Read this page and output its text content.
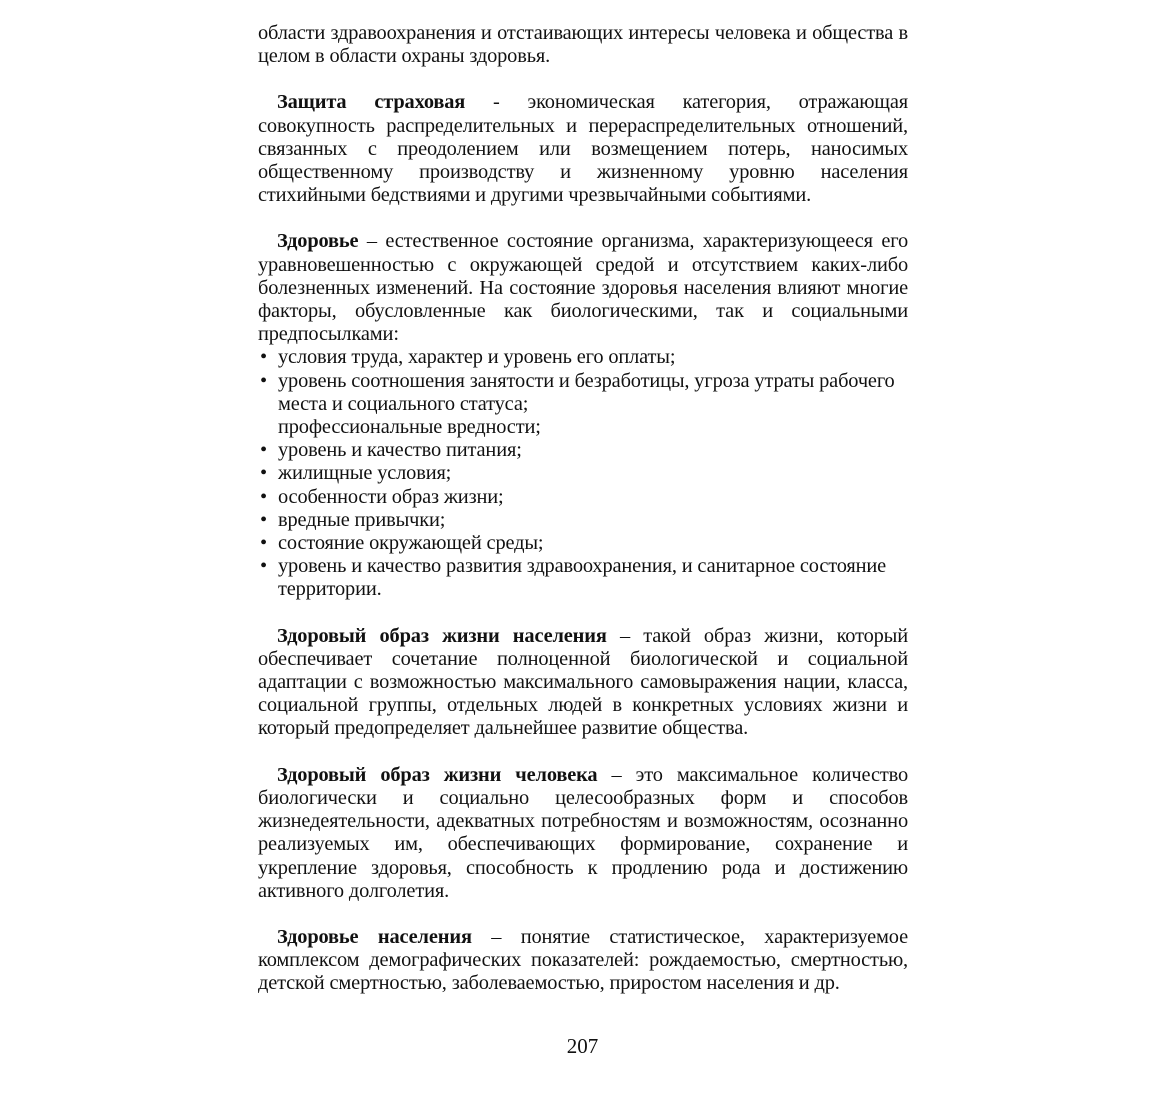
области здравоохранения и отстаивающих интересы человека и общества в целом в области охраны здоровья.

Защита страховая - экономическая категория, отражающая совокупность распределительных и перераспределительных отношений, связанных с преодолением или возмещением потерь, наносимых общественному производству и жизненному уровню населения стихийными бедствиями и другими чрезвычайными событиями.

Здоровье – естественное состояние организма, характеризующееся его уравновешенностью с окружающей средой и отсутствием каких-либо болезненных изменений. На состояние здоровья населения влияют многие факторы, обусловленные как биологическими, так и социальными предпосылками:

• условия труда, характер и уровень его оплаты;
• уровень соотношения занятости и безработицы, угроза утраты рабочего места и социального статуса;
профессиональные вредности;
• уровень и качество питания;
• жилищные условия;
• особенности образ жизни;
• вредные привычки;
• состояние окружающей среды;
• уровень и качество развития здравоохранения, и санитарное состояние территории.

Здоровый образ жизни населения – такой образ жизни, который обеспечивает сочетание полноценной биологической и социальной адаптации с возможностью максимального самовыражения нации, класса, социальной группы, отдельных людей в конкретных условиях жизни и который предопределяет дальнейшее развитие общества.

Здоровый образ жизни человека – это максимальное количество биологически и социально целесообразных форм и способов жизнедеятельности, адекватных потребностям и возможностям, осознанно реализуемых им, обеспечивающих формирование, сохранение и укрепление здоровья, способность к продлению рода и достижению активного долголетия.

Здоровье населения – понятие статистическое, характеризуемое комплексом демографических показателей: рождаемостью, смертностью, детской смертностью, заболеваемостью, приростом населения и др.

207
